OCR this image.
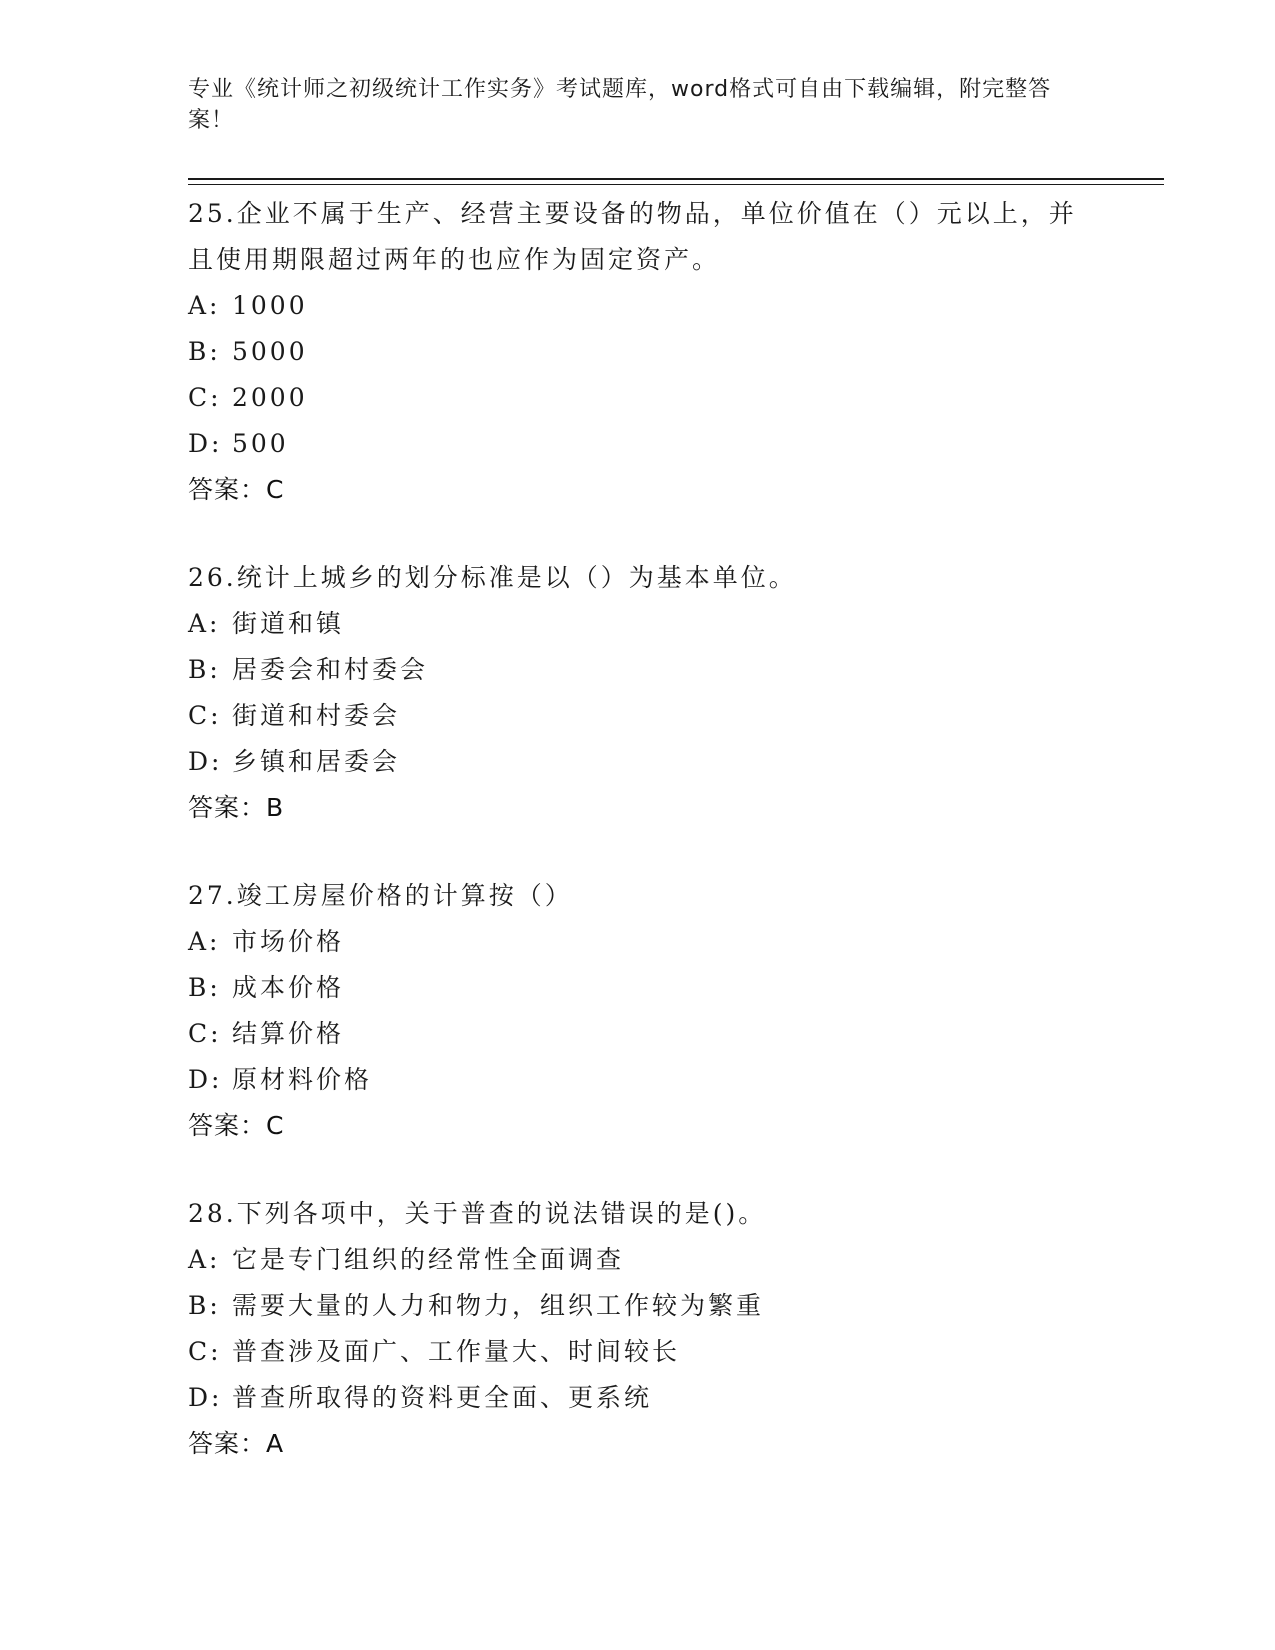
专业《统计师之初级统计工作实务》考试题库，word格式可自由下载编辑，附完整答案！
25.企业不属于生产、经营主要设备的物品，单位价值在（）元以上，并且使用期限超过两年的也应作为固定资产。
A: 1000
B: 5000
C: 2000
D: 500
答案：C
26.统计上城乡的划分标准是以（）为基本单位。
A: 街道和镇
B: 居委会和村委会
C: 街道和村委会
D: 乡镇和居委会
答案：B
27.竣工房屋价格的计算按（）
A: 市场价格
B: 成本价格
C: 结算价格
D: 原材料价格
答案：C
28.下列各项中，关于普查的说法错误的是()。
A: 它是专门组织的经常性全面调查
B: 需要大量的人力和物力，组织工作较为繁重
C: 普查涉及面广、工作量大、时间较长
D: 普查所取得的资料更全面、更系统
答案：A
